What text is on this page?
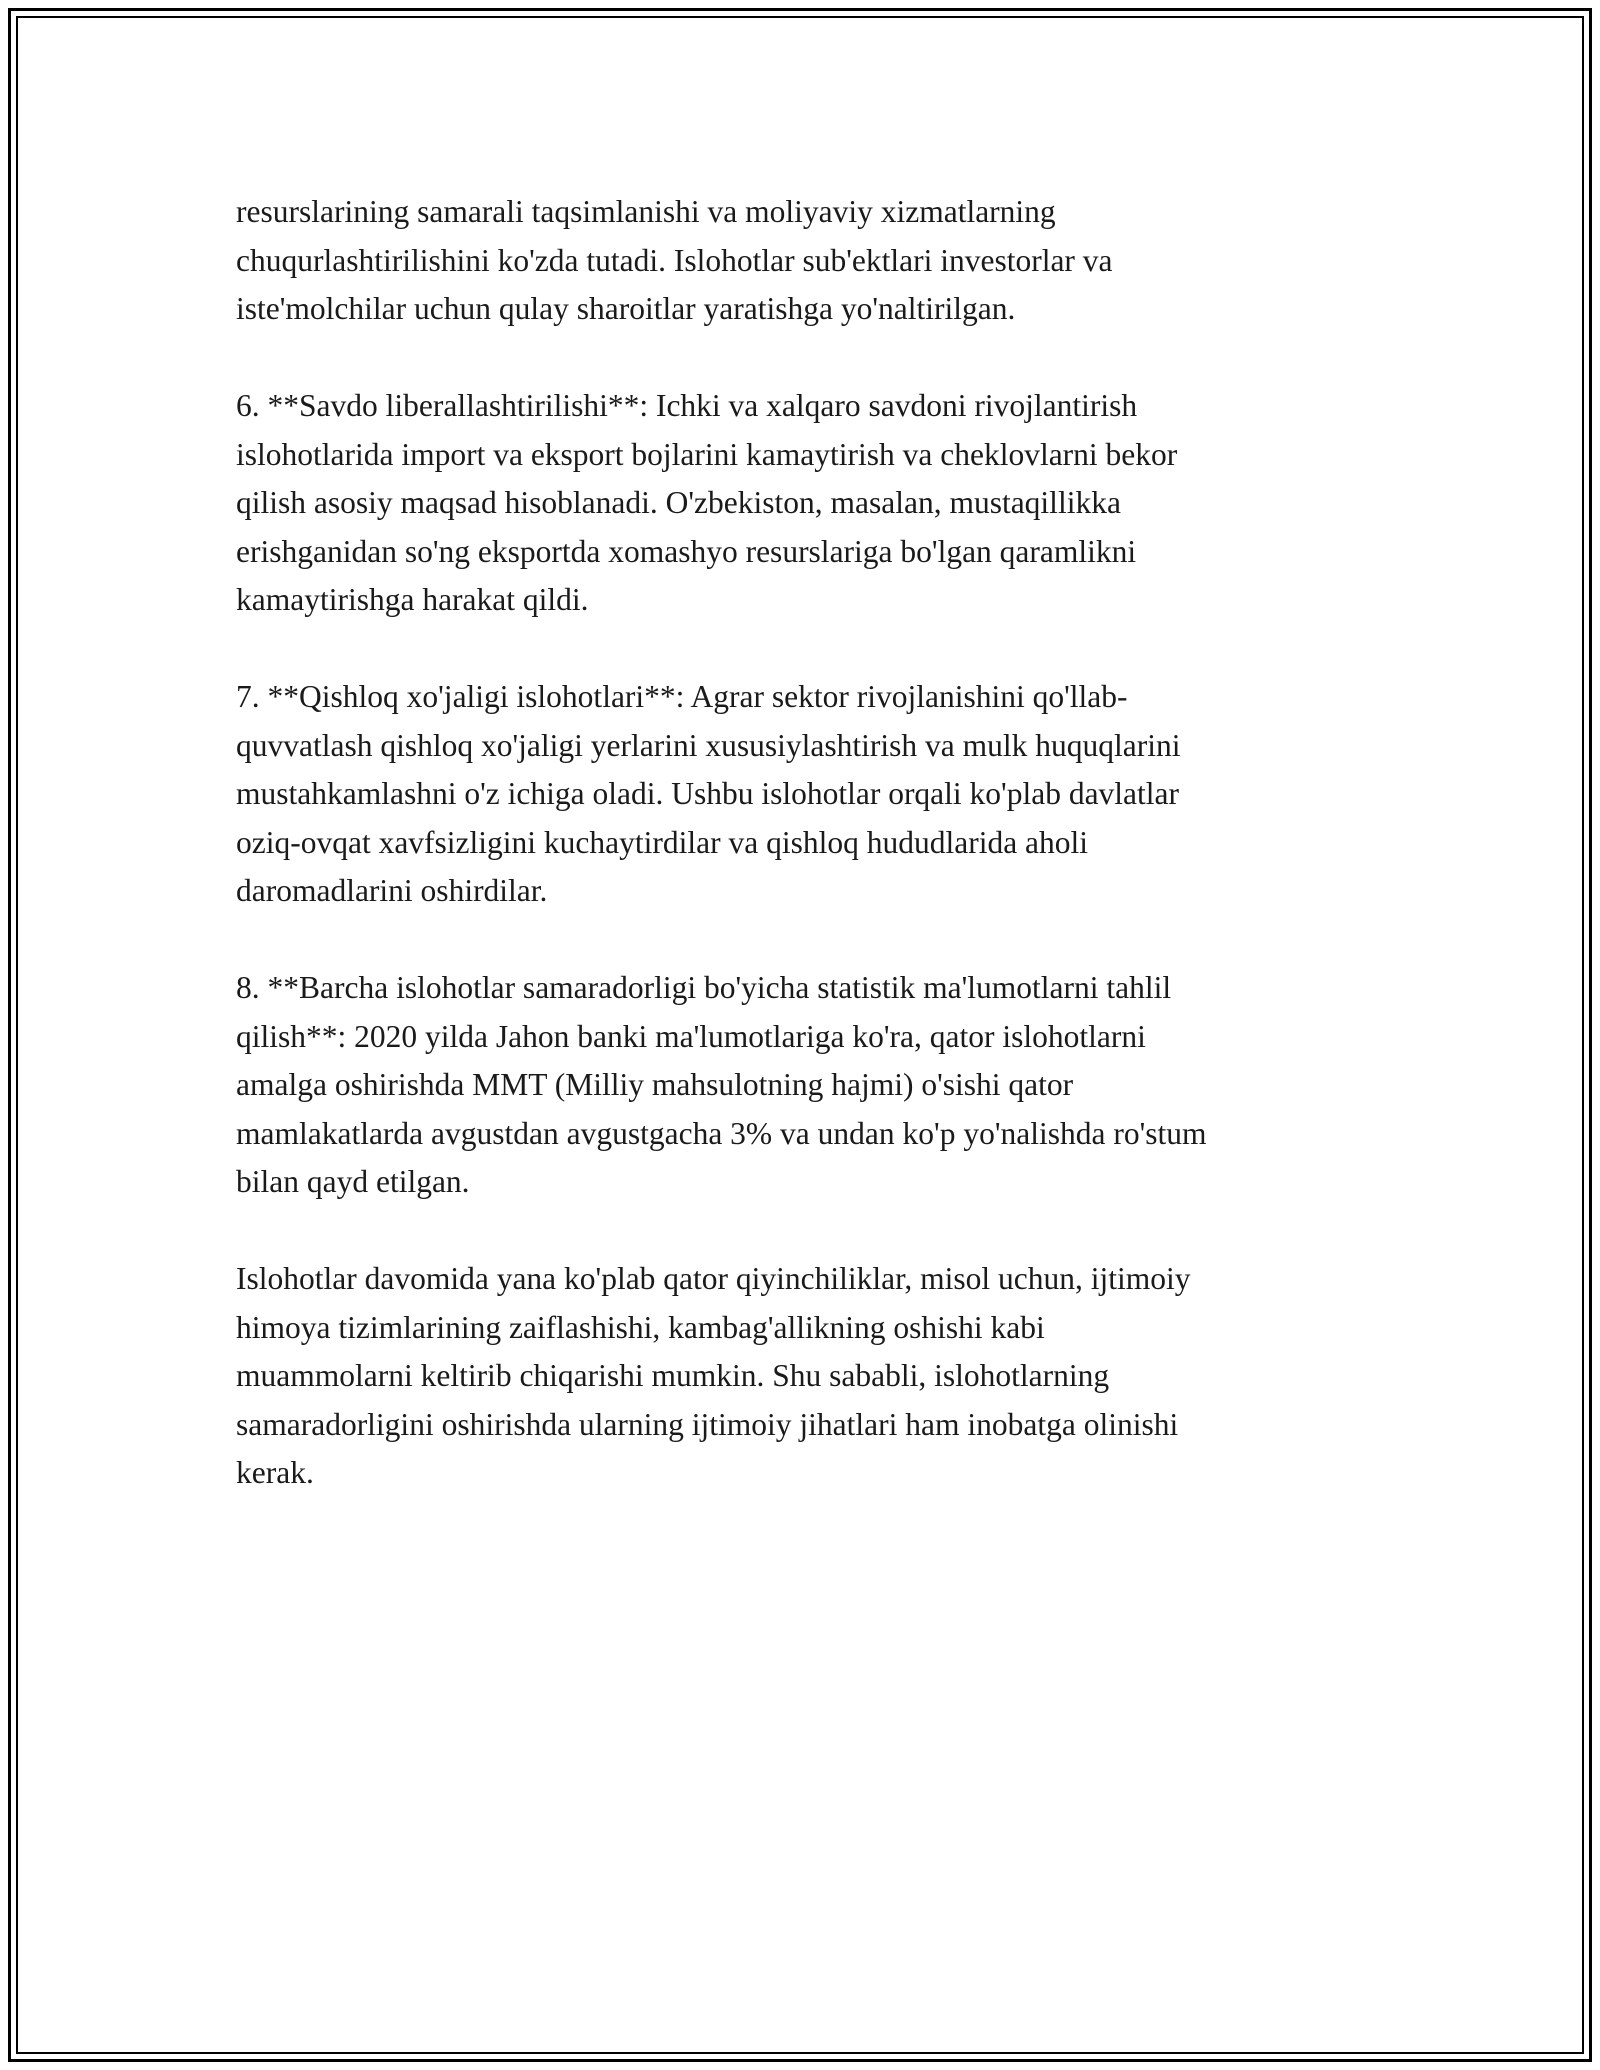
resurslarining samarali taqsimlanishi va moliyaviy xizmatlarning
chuqurlashtirilishini ko'zda tutadi. Islohotlar sub'ektlari investorlar va
iste'molchilar uchun qulay sharoitlar yaratishga yo'naltirilgan.

6. **Savdo liberallashtirilishi**: Ichki va xalqaro savdoni rivojlantirish
islohotlarida import va eksport bojlarini kamaytirish va cheklovlarni bekor
qilish asosiy maqsad hisoblanadi. O'zbekiston, masalan, mustaqillikka
erishganidan so'ng eksportda xomashyo resurslariga bo'lgan qaramlikni
kamaytirishga harakat qildi.

7. **Qishloq xo'jaligi islohotlari**: Agrar sektor rivojlanishini qo'llab-
quvvatlash qishloq xo'jaligi yerlarini xususiylashtirish va mulk huquqlarini
mustahkamlashni o'z ichiga oladi. Ushbu islohotlar orqali ko'plab davlatlar
oziq-ovqat xavfsizligini kuchaytirdilar va qishloq hududlarida aholi
daromadlarini oshirdilar.

8. **Barcha islohotlar samaradorligi bo'yicha statistik ma'lumotlarni tahlil
qilish**: 2020 yilda Jahon banki ma'lumotlariga ko'ra, qator islohotlarni
amalga oshirishda MMT (Milliy mahsulotning hajmi) o'sishi qator
mamlakatlarda avgustdan avgustgacha 3% va undan ko'p yo'nalishda ro'stum
bilan qayd etilgan.

Islohotlar davomida yana ko'plab qator qiyinchiliklar, misol uchun, ijtimoiy
himoya tizimlarining zaiflashishi, kambag'allikning oshishi kabi
muammolarni keltirib chiqarishi mumkin. Shu sababli, islohotlarning
samaradorligini oshirishda ularning ijtimoiy jihatlari ham inobatga olinishi
kerak.
